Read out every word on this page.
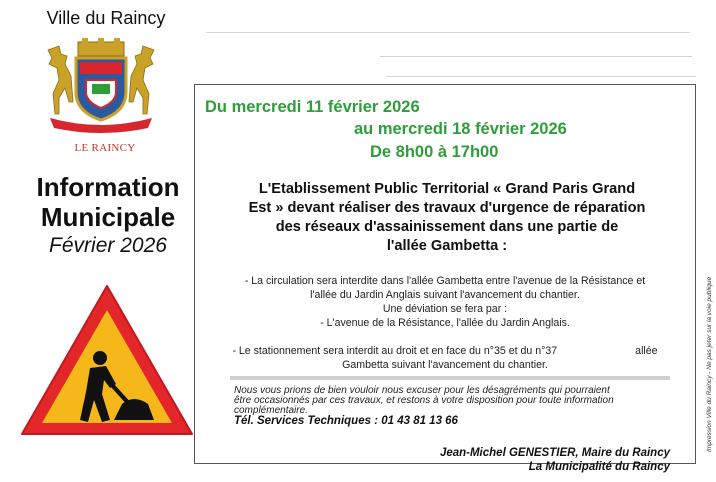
Ville du Raincy
LE RAINCY
Information
Municipale
Février 2026
Du mercredi 11 février 2026
au mercredi 18 février 2026
De 8h00 à 17h00
L'Etablissement Public Territorial « Grand Paris Grand
Est » devant réaliser des travaux d'urgence de réparation
des réseaux d'assainissement dans une partie de
l'allée Gambetta :
- La circulation sera interdite dans l'allée Gambetta entre l'avenue de la Résistance et
l'allée du Jardin Anglais suivant l'avancement du chantier.
Une déviation se fera par :
- L'avenue de la Résistance, l'allée du Jardin Anglais.
- Le stationnement sera interdit au droit et en face du n°35 et du n°37	allée
Gambetta suivant l'avancement du chantier.
Nous vous prions de bien vouloir nous excuser pour les désagréments qui pourraient
être occasionnés par ces travaux, et restons à votre disposition pour toute information
complémentaire.
Tél. Services Techniques : 01 43 81 13 66
Jean-Michel GENESTIER, Maire du Raincy
La Municipalité du Raincy
Impression Ville du Raincy - Ne pas jeter sur la voie publique
